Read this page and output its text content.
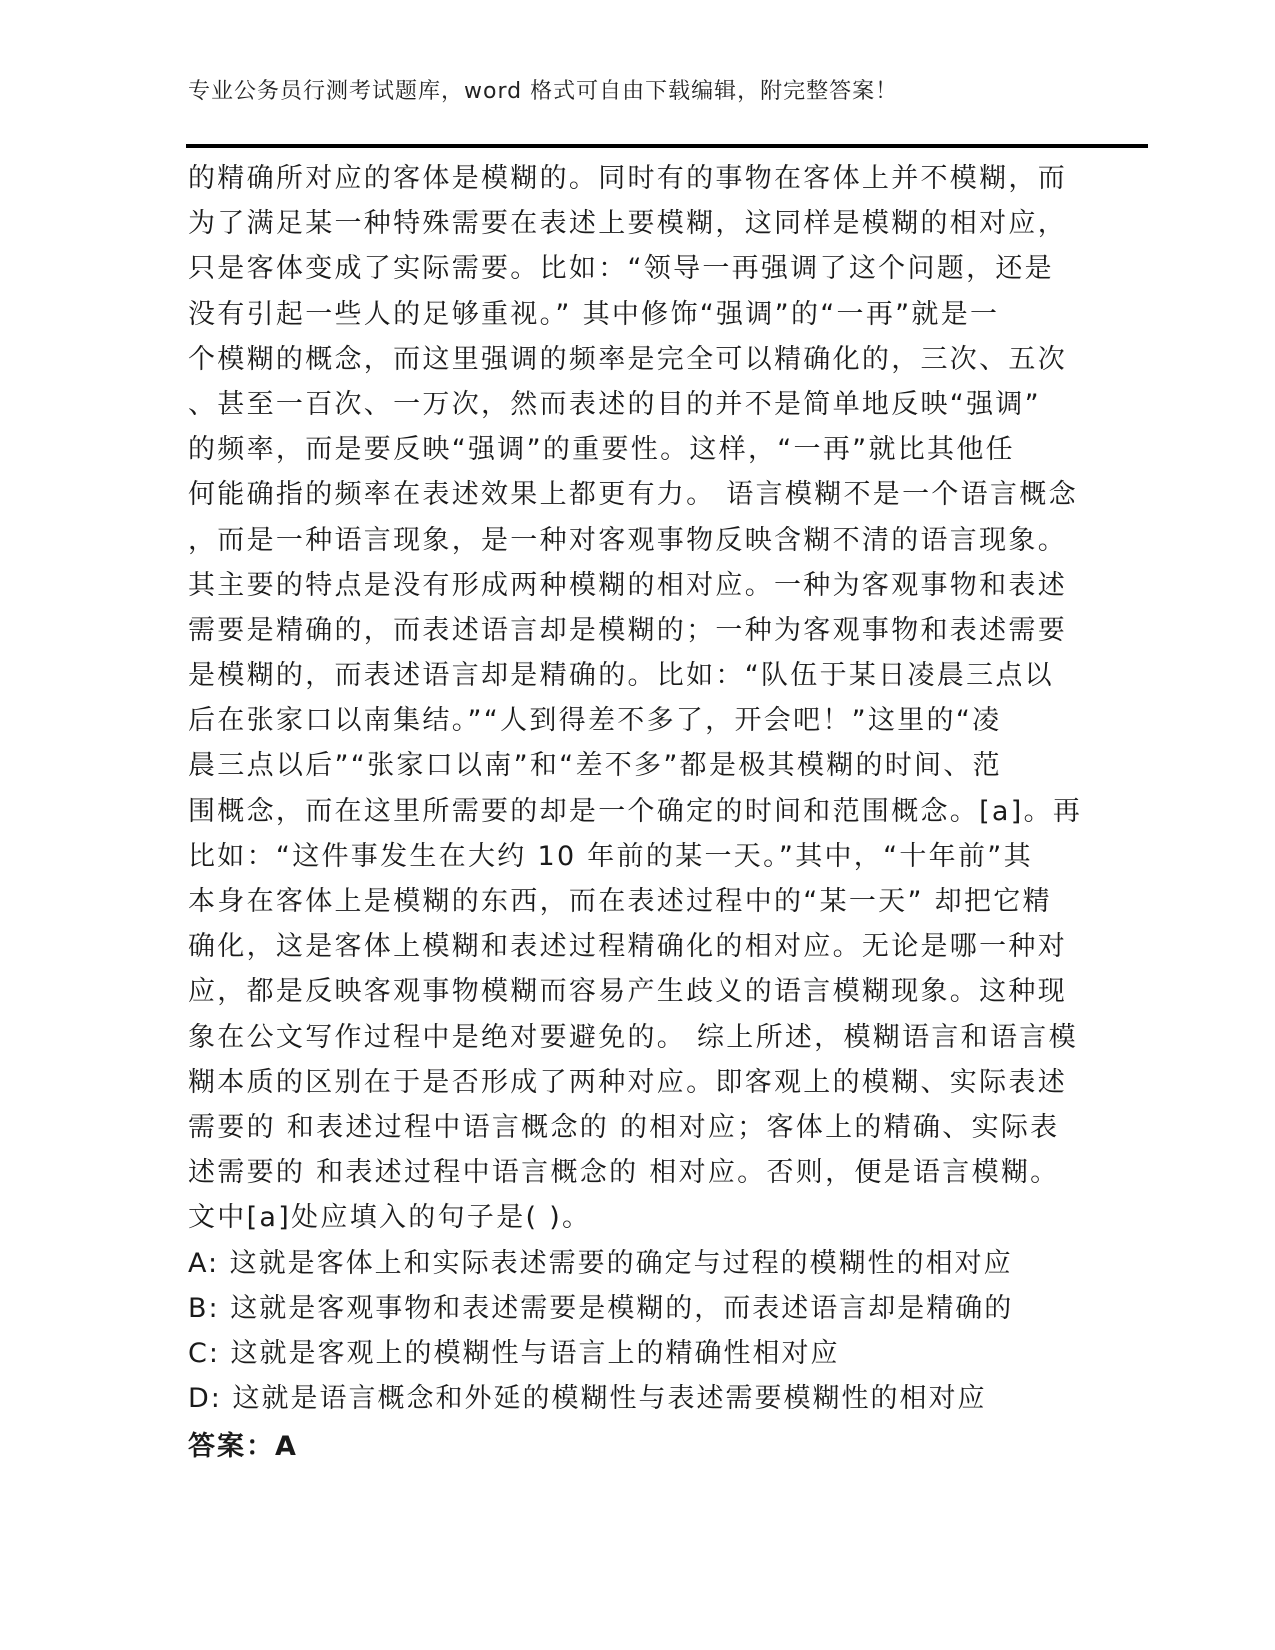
专业公务员行测考试题库，word 格式可自由下载编辑，附完整答案！
的精确所对应的客体是模糊的。同时有的事物在客体上并不模糊，而
为了满足某一种特殊需要在表述上要模糊，这同样是模糊的相对应，
只是客体变成了实际需要。比如：“领导一再强调了这个问题，还是
没有引起一些人的足够重视。” 其中修饰“强调”的“一再”就是一
个模糊的概念，而这里强调的频率是完全可以精确化的，三次、五次
、甚至一百次、一万次，然而表述的目的并不是简单地反映“强调”
的频率，而是要反映“强调”的重要性。这样，“一再”就比其他任
何能确指的频率在表述效果上都更有力。 语言模糊不是一个语言概念
，而是一种语言现象，是一种对客观事物反映含糊不清的语言现象。
其主要的特点是没有形成两种模糊的相对应。一种为客观事物和表述
需要是精确的，而表述语言却是模糊的；一种为客观事物和表述需要
是模糊的，而表述语言却是精确的。比如：“队伍于某日凌晨三点以
后在张家口以南集结。”“人到得差不多了，开会吧！”这里的“凌
晨三点以后”“张家口以南”和“差不多”都是极其模糊的时间、范
围概念，而在这里所需要的却是一个确定的时间和范围概念。[a]。再
比如：“这件事发生在大约 10 年前的某一天。”其中，“十年前”其
本身在客体上是模糊的东西，而在表述过程中的“某一天” 却把它精
确化，这是客体上模糊和表述过程精确化的相对应。无论是哪一种对
应，都是反映客观事物模糊而容易产生歧义的语言模糊现象。这种现
象在公文写作过程中是绝对要避免的。 综上所述，模糊语言和语言模
糊本质的区别在于是否形成了两种对应。即客观上的模糊、实际表述
需要的 和表述过程中语言概念的 的相对应；客体上的精确、实际表
述需要的 和表述过程中语言概念的 相对应。否则，便是语言模糊。
文中[a]处应填入的句子是( )。
A: 这就是客体上和实际表述需要的确定与过程的模糊性的相对应
B: 这就是客观事物和表述需要是模糊的，而表述语言却是精确的
C: 这就是客观上的模糊性与语言上的精确性相对应
D: 这就是语言概念和外延的模糊性与表述需要模糊性的相对应
答案：A
